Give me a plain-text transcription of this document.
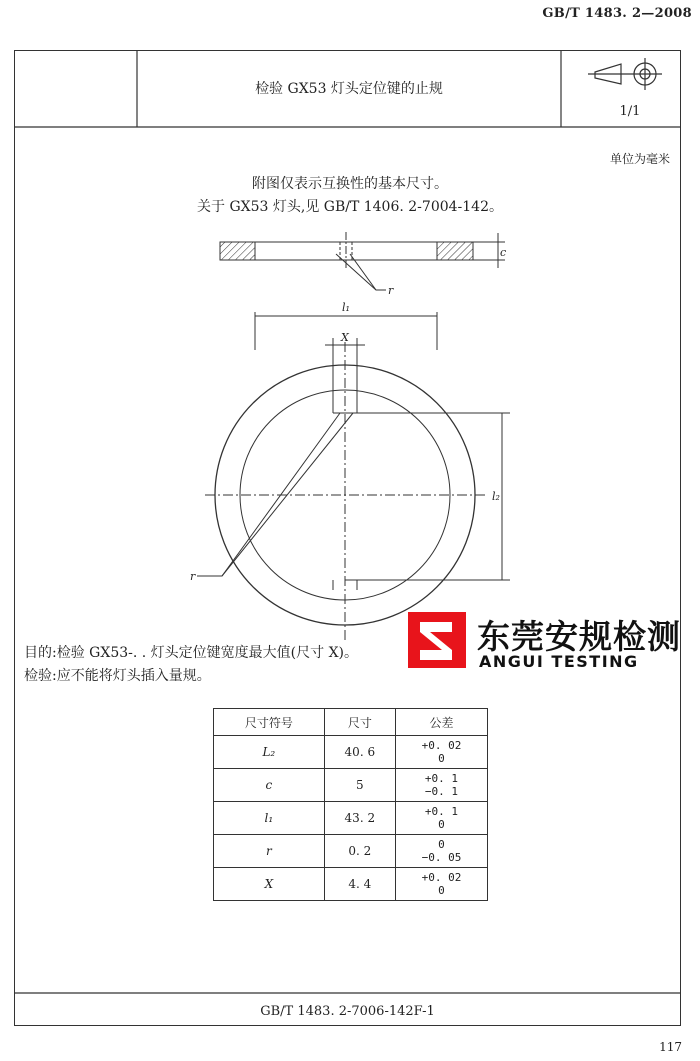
GB/T 1483. 2—2008
c
r
l₁
X
l₂
r
检验 GX53 灯头定位键的止规
1/1
单位为毫米
附图仅表示互换性的基本尺寸。
关于 GX53 灯头,见 GB/T 1406. 2-7004-142。
东莞安规检测
ANGUI TESTING
目的:检验 GX53-. . 灯头定位键宽度最大值(尺寸 X)。
检验:应不能将灯头插入量规。
尺寸符号	尺寸	公差
L₂	40. 6	+0. 02
0

c	5	+0. 1
−0. 1

l₁	43. 2	+0. 1
0

r	0. 2	0
−0. 05

X	4. 4	+0. 02
0
GB/T 1483. 2-7006-142F-1
117
